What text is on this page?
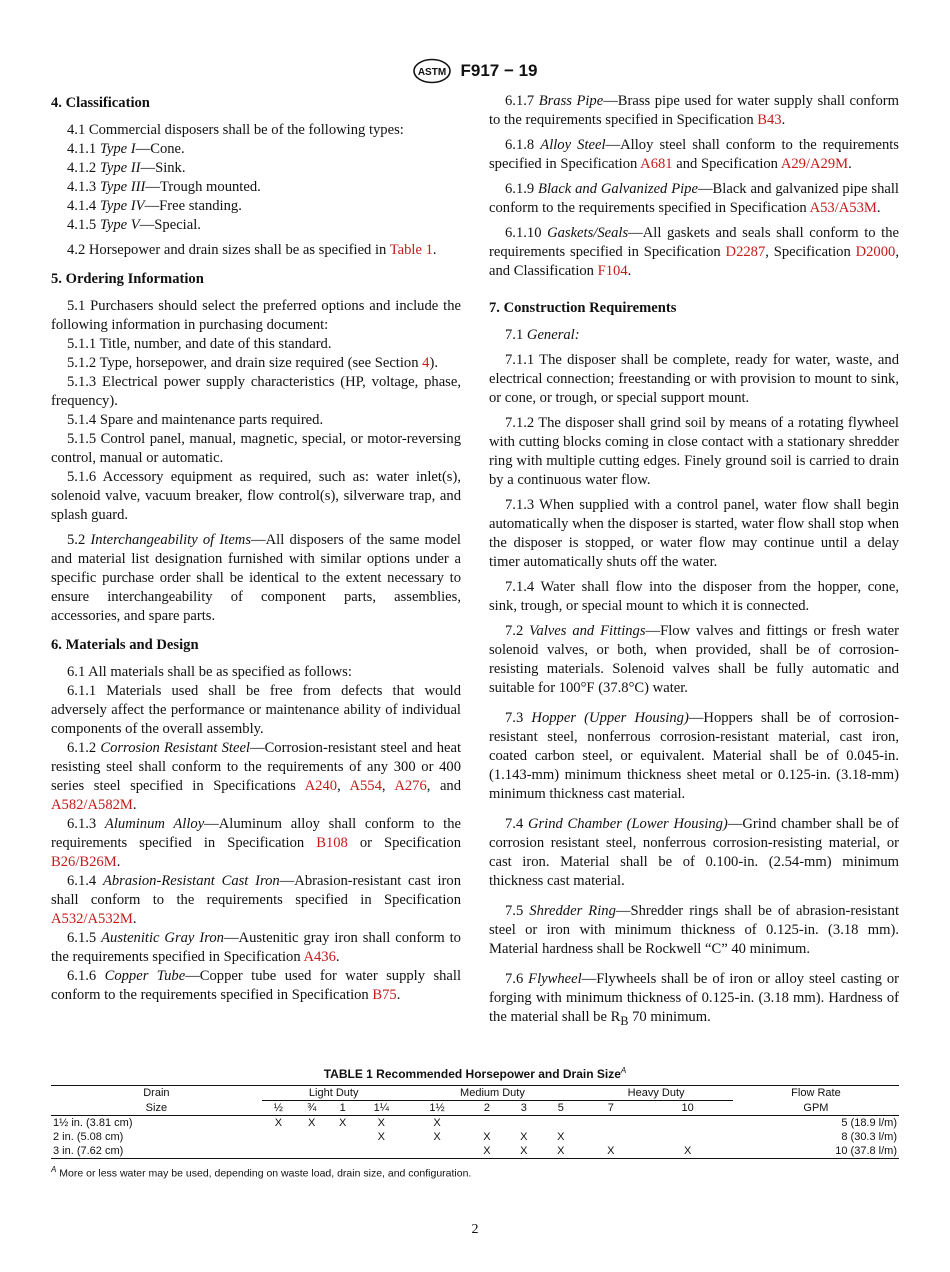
ASTM F917 − 19
4. Classification

4.1 Commercial disposers shall be of the following types:

4.1.1 Type I—Cone.

4.1.2 Type II—Sink.

4.1.3 Type III—Trough mounted.

4.1.4 Type IV—Free standing.

4.1.5 Type V—Special.

4.2 Horsepower and drain sizes shall be as specified in Table 1.

5. Ordering Information

5.1 Purchasers should select the preferred options and include the following information in purchasing document:

5.1.1 Title, number, and date of this standard.

5.1.2 Type, horsepower, and drain size required (see Section 4).

5.1.3 Electrical power supply characteristics (HP, voltage, phase, frequency).

5.1.4 Spare and maintenance parts required.

5.1.5 Control panel, manual, magnetic, special, or motor-reversing control, manual or automatic.

5.1.6 Accessory equipment as required, such as: water inlet(s), solenoid valve, vacuum breaker, flow control(s), silverware trap, and splash guard.

5.2 Interchangeability of Items—All disposers of the same model and material list designation furnished with similar options under a specific purchase order shall be identical to the extent necessary to ensure interchangeability of component parts, assemblies, accessories, and spare parts.

6. Materials and Design

6.1 All materials shall be as specified as follows:

6.1.1 Materials used shall be free from defects that would adversely affect the performance or maintenance ability of individual components of the overall assembly.

6.1.2 Corrosion Resistant Steel—Corrosion-resistant steel and heat resisting steel shall conform to the requirements of any 300 or 400 series steel specified in Specifications A240, A554, A276, and A582/A582M.

6.1.3 Aluminum Alloy—Aluminum alloy shall conform to the requirements specified in Specification B108 or Specification B26/B26M.

6.1.4 Abrasion-Resistant Cast Iron—Abrasion-resistant cast iron shall conform to the requirements specified in Specification A532/A532M.

6.1.5 Austenitic Gray Iron—Austenitic gray iron shall conform to the requirements specified in Specification A436.

6.1.6 Copper Tube—Copper tube used for water supply shall conform to the requirements specified in Specification B75.

6.1.7 Brass Pipe—Brass pipe used for water supply shall conform to the requirements specified in Specification B43.

6.1.8 Alloy Steel—Alloy steel shall conform to the requirements specified in Specification A681 and Specification A29/A29M.

6.1.9 Black and Galvanized Pipe—Black and galvanized pipe shall conform to the requirements specified in Specification A53/A53M.

6.1.10 Gaskets/Seals—All gaskets and seals shall conform to the requirements specified in Specification D2287, Specification D2000, and Classification F104.

7. Construction Requirements

7.1 General:

7.1.1 The disposer shall be complete, ready for water, waste, and electrical connection; freestanding or with provision to mount to sink, or cone, or trough, or special support mount.

7.1.2 The disposer shall grind soil by means of a rotating flywheel with cutting blocks coming in close contact with a stationary shredder ring with multiple cutting edges. Finely ground soil is carried to drain by a continuous water flow.

7.1.3 When supplied with a control panel, water flow shall begin automatically when the disposer is started, water flow shall stop when the disposer is stopped, or water flow may continue until a delay timer automatically shuts off the water.

7.1.4 Water shall flow into the disposer from the hopper, cone, sink, trough, or special mount to which it is connected.

7.2 Valves and Fittings—Flow valves and fittings or fresh water solenoid valves, or both, when provided, shall be of corrosion-resisting materials. Solenoid valves shall be fully automatic and suitable for 100°F (37.8°C) water.

7.3 Hopper (Upper Housing)—Hoppers shall be of corrosion-resistant steel, nonferrous corrosion-resistant material, cast iron, coated carbon steel, or equivalent. Material shall be of 0.045-in. (1.143-mm) minimum thickness sheet metal or 0.125-in. (3.18-mm) minimum thickness cast material.

7.4 Grind Chamber (Lower Housing)—Grind chamber shall be of corrosion resistant steel, nonferrous corrosion-resisting material, or cast iron. Material shall be of 0.100-in. (2.54-mm) minimum thickness cast material.

7.5 Shredder Ring—Shredder rings shall be of abrasion-resistant steel or iron with minimum thickness of 0.125-in. (3.18 mm). Material hardness shall be Rockwell “C” 40 minimum.

7.6 Flywheel—Flywheels shall be of iron or alloy steel casting or forging with minimum thickness of 0.125-in. (3.18 mm). Hardness of the material shall be $R_B$ 70 minimum.

TABLE 1 Recommended Horsepower and Drain Size$^A$
Drain	Light Duty				Medium Duty				Heavy Duty		Flow Rate
Size	½	¾	1	1¼	1½	2	3	5	7	10	GPM
1½ in. (3.81 cm)	X	X	X	X	X						5 (18.9 l/m)
2 in. (5.08 cm)				X	X	X	X	X			8 (30.3 l/m)
3 in. (7.62 cm)						X	X	X	X	X	10 (37.8 l/m)
$^A$ More or less water may be used, depending on waste load, drain size, and configuration.
2
